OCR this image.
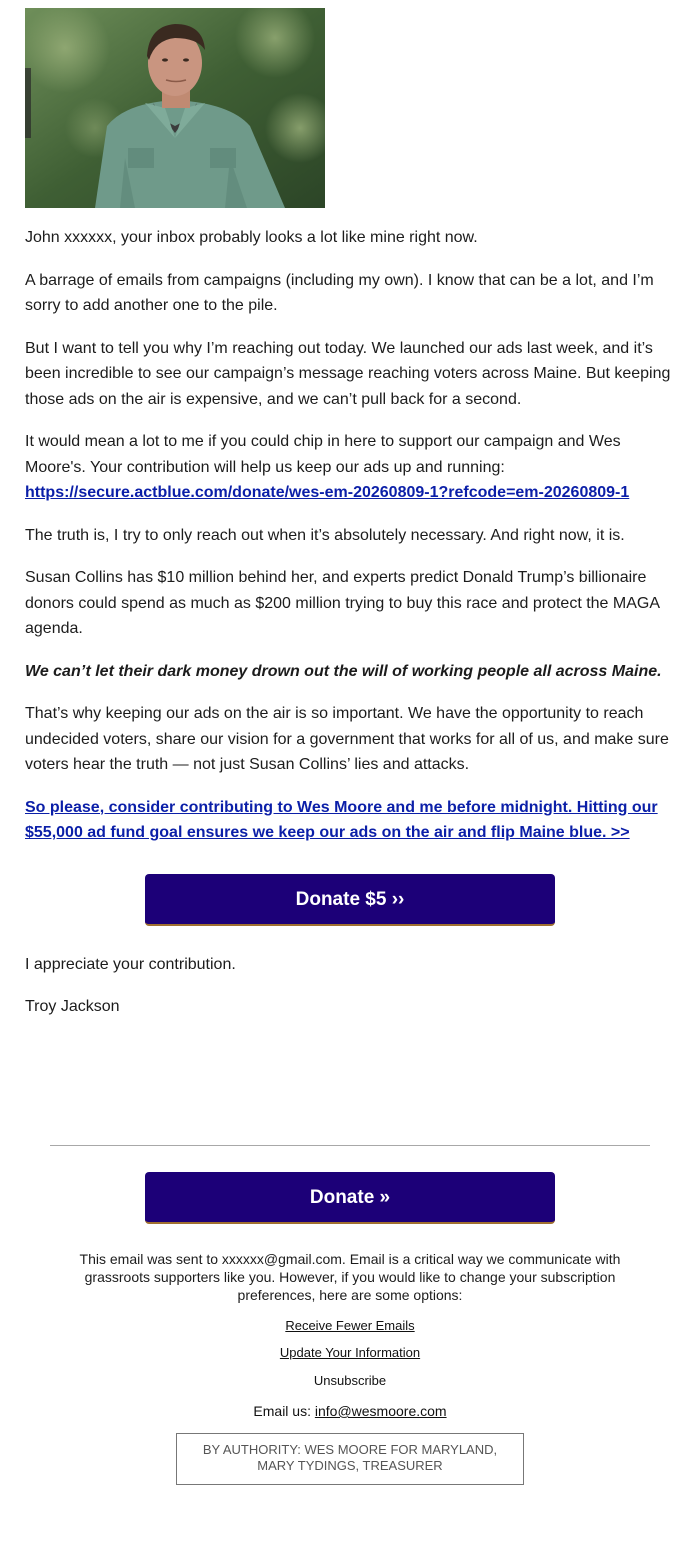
John xxxxxx, your inbox probably looks a lot like mine right now.

A barrage of emails from campaigns (including my own). I know that can be a lot, and I’m sorry to add another one to the pile.

But I want to tell you why I’m reaching out today. We launched our ads last week, and it’s been incredible to see our campaign’s message reaching voters across Maine. But keeping those ads on the air is expensive, and we can’t pull back for a second.

It would mean a lot to me if you could chip in here to support our campaign and Wes Moore's. Your contribution will help us keep our ads up and running: https://secure.actblue.com/donate/wes-em-20260809-1?refcode=em-20260809-1

The truth is, I try to only reach out when it’s absolutely necessary. And right now, it is.

Susan Collins has $10 million behind her, and experts predict Donald Trump’s billionaire donors could spend as much as $200 million trying to buy this race and protect the MAGA agenda.

We can’t let their dark money drown out the will of working people all across Maine.

That’s why keeping our ads on the air is so important. We have the opportunity to reach undecided voters, share our vision for a government that works for all of us, and make sure voters hear the truth — not just Susan Collins’ lies and attacks.

So please, consider contributing to Wes Moore and me before midnight. Hitting our $55,000 ad fund goal ensures we keep our ads on the air and flip Maine blue. >>

Donate $5 ››

I appreciate your contribution.

Troy Jackson

Donate »

This email was sent to xxxxxx@gmail.com. Email is a critical way we communicate with grassroots supporters like you. However, if you would like to change your subscription preferences, here are some options:

Receive Fewer Emails

Update Your Information

Unsubscribe

Email us: info@wesmoore.com

BY AUTHORITY: WES MOORE FOR MARYLAND,
MARY TYDINGS, TREASURER
